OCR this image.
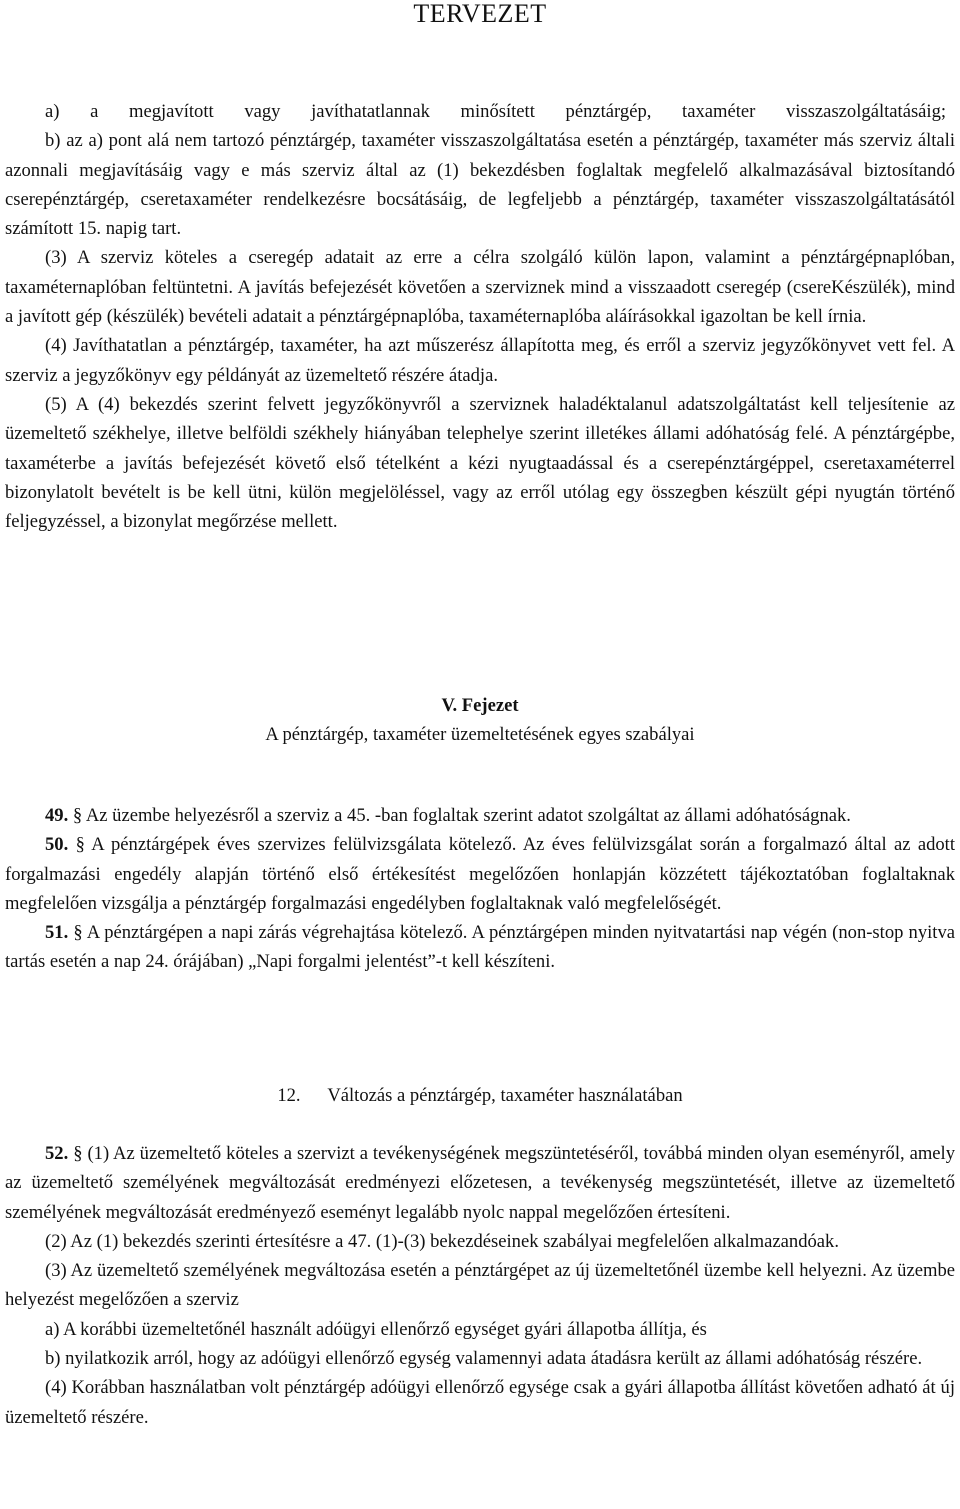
TERVEZET

a) a megjavított vagy javíthatatlannak minősített pénztárgép, taxaméter visszaszolgáltatásáig;

b) az a) pont alá nem tartozó pénztárgép, taxaméter visszaszolgáltatása esetén a pénztárgép, taxaméter más szerviz általi azonnali megjavításáig vagy e más szerviz által az (1) bekezdésben foglaltak megfelelő alkalmazásával biztosítandó cserepénztárgép, cseretaxaméter rendelkezésre bocsátásáig, de legfeljebb a pénztárgép, taxaméter visszaszolgáltatásától számított 15. napig tart.

(3) A szerviz köteles a cseregép adatait az erre a célra szolgáló külön lapon, valamint a pénztárgépnaplóban, taxaméternaplóban feltüntetni. A javítás befejezését követően a szerviznek mind a visszaadott cseregép (csereKészülék), mind a javított gép (készülék) bevételi adatait a pénztárgépnaplóba, taxaméternaplóba aláírásokkal igazoltan be kell írnia.

(4) Javíthatatlan a pénztárgép, taxaméter, ha azt műszerész állapította meg, és erről a szerviz jegyzőkönyvet vett fel. A szerviz a jegyzőkönyv egy példányát az üzemeltető részére átadja.

(5) A (4) bekezdés szerint felvett jegyzőkönyvről a szerviznek haladéktalanul adatszolgáltatást kell teljesítenie az üzemeltető székhelye, illetve belföldi székhely hiányában telephelye szerint illetékes állami adóhatóság felé. A pénztárgépbe, taxaméterbe a javítás befejezését követő első tételként a kézi nyugtaadással és a cserepénztárgéppel, cseretaxaméterrel bizonylatolt bevételt is be kell ütni, külön megjelöléssel, vagy az erről utólag egy összegben készült gépi nyugtán történő feljegyzéssel, a bizonylat megőrzése mellett.

V. Fejezet
A pénztárgép, taxaméter üzemeltetésének egyes szabályai

49. § Az üzembe helyezésről a szerviz a 45. -ban foglaltak szerint adatot szolgáltat az állami adóhatóságnak.

50. § A pénztárgépek éves szervizes felülvizsgálata kötelező. Az éves felülvizsgálat során a forgalmazó által az adott forgalmazási engedély alapján történő első értékesítést megelőzően honlapján közzétett tájékoztatóban foglaltaknak megfelelően vizsgálja a pénztárgép forgalmazási engedélyben foglaltaknak való megfelelőségét.

51. § A pénztárgépen a napi zárás végrehajtása kötelező. A pénztárgépen minden nyitvatartási nap végén (non-stop nyitva tartás esetén a nap 24. órájában) „Napi forgalmi jelentést”-t kell készíteni.

12. Változás a pénztárgép, taxaméter használatában

52. § (1) Az üzemeltető köteles a szervizt a tevékenységének megszüntetéséről, továbbá minden olyan eseményről, amely az üzemeltető személyének megváltozását eredményezi előzetesen, a tevékenység megszüntetését, illetve az üzemeltető személyének megváltozását eredményező eseményt legalább nyolc nappal megelőzően értesíteni.

(2) Az (1) bekezdés szerinti értesítésre a 47. (1)-(3) bekezdéseinek szabályai megfelelően alkalmazandóak.

(3) Az üzemeltető személyének megváltozása esetén a pénztárgépet az új üzemeltetőnél üzembe kell helyezni. Az üzembe helyezést megelőzően a szerviz

a) A korábbi üzemeltetőnél használt adóügyi ellenőrző egységet gyári állapotba állítja, és

b) nyilatkozik arról, hogy az adóügyi ellenőrző egység valamennyi adata átadásra került az állami adóhatóság részére.

(4) Korábban használatban volt pénztárgép adóügyi ellenőrző egysége csak a gyári állapotba állítást követően adható át új üzemeltető részére.
